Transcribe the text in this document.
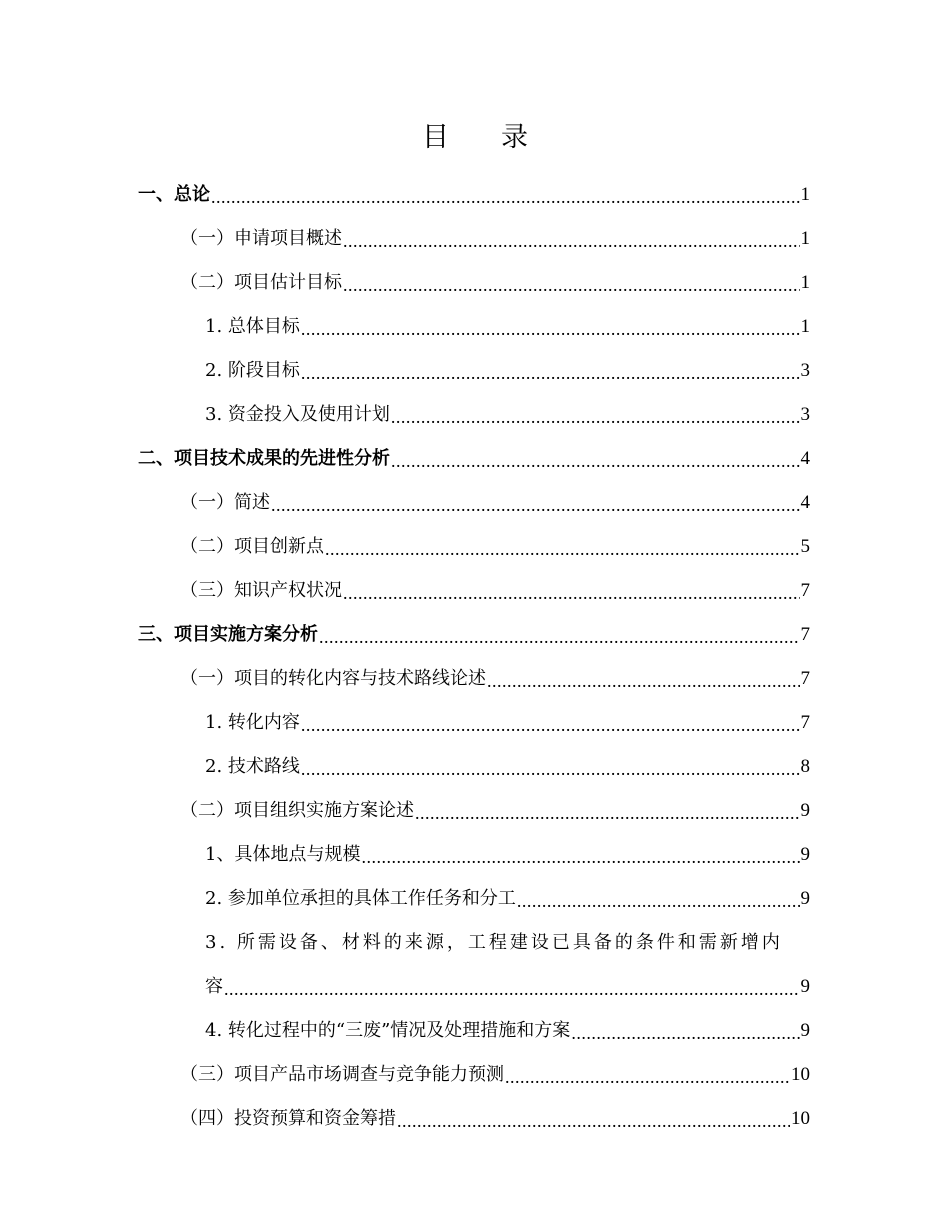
目录
一、总论 .....	1
（一）申请项目概述 .....	1
（二）项目估计目标 .....	1
1. 总体目标 .....	1
2. 阶段目标 .....	3
3. 资金投入及使用计划 .....	3
二、项目技术成果的先进性分析 .....	4
（一）简述 .....	4
（二）项目创新点 .....	5
（三）知识产权状况 .....	7
三、项目实施方案分析 .....	7
（一）项目的转化内容与技术路线论述 .....	7
1. 转化内容 .....	7
2. 技术路线 .....	8
（二）项目组织实施方案论述 .....	9
1、具体地点与规模 .....	9
2. 参加单位承担的具体工作任务和分工 .....	9
3. 所需设备、材料的来源，工程建设已具备的条件和需新增内
容 .....	9
4. 转化过程中的“三废”情况及处理措施和方案 .....	9
（三）项目产品市场调查与竞争能力预测 .....	10
（四）投资预算和资金筹措 .....	10
